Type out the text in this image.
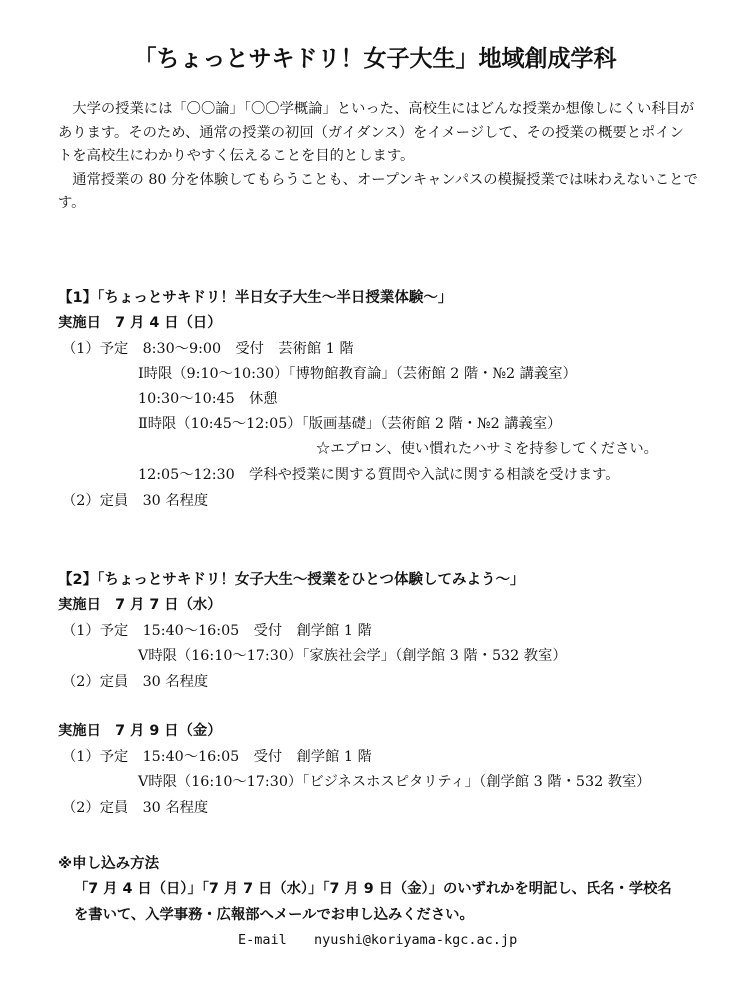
「ちょっとサキドリ！女子大生」地域創成学科

大学の授業には「〇〇論」「〇〇学概論」といった、高校生にはどんな授業か想像しにくい科目があります。そのため、通常の授業の初回（ガイダンス）をイメージして、その授業の概要とポイントを高校生にわかりやすく伝えることを目的とします。

通常授業の 80 分を体験してもらうことも、オープンキャンパスの模擬授業では味わえないことです。

【1】「ちょっとサキドリ！半日女子大生～半日授業体験～」
実施日　7 月 4 日（日）
（1）予定　8:30～9:00　受付　芸術館 1 階
Ⅰ時限（9:10～10:30）「博物館教育論」（芸術館 2 階・№2 講義室）
10:30～10:45　休憩
Ⅱ時限（10:45～12:05）「版画基礎」（芸術館 2 階・№2 講義室）
☆エプロン、使い慣れたハサミを持参してください。
12:05～12:30　学科や授業に関する質問や入試に関する相談を受けます。
（2）定員　30 名程度
【2】「ちょっとサキドリ！女子大生～授業をひとつ体験してみよう～」
実施日　7 月 7 日（水）
（1）予定　15:40～16:05　受付　創学館 1 階
Ⅴ時限（16:10～17:30）「家族社会学」（創学館 3 階・532 教室）
（2）定員　30 名程度
実施日　7 月 9 日（金）
（1）予定　15:40～16:05　受付　創学館 1 階
Ⅴ時限（16:10～17:30）「ビジネスホスピタリティ」（創学館 3 階・532 教室）
（2）定員　30 名程度
※申し込み方法
「7 月 4 日（日）」「7 月 7 日（水）」「7 月 9 日（金）」のいずれかを明記し、氏名・学校名
を書いて、入学事務・広報部へメールでお申し込みください。
E-mail nyushi@koriyama-kgc.ac.jp
